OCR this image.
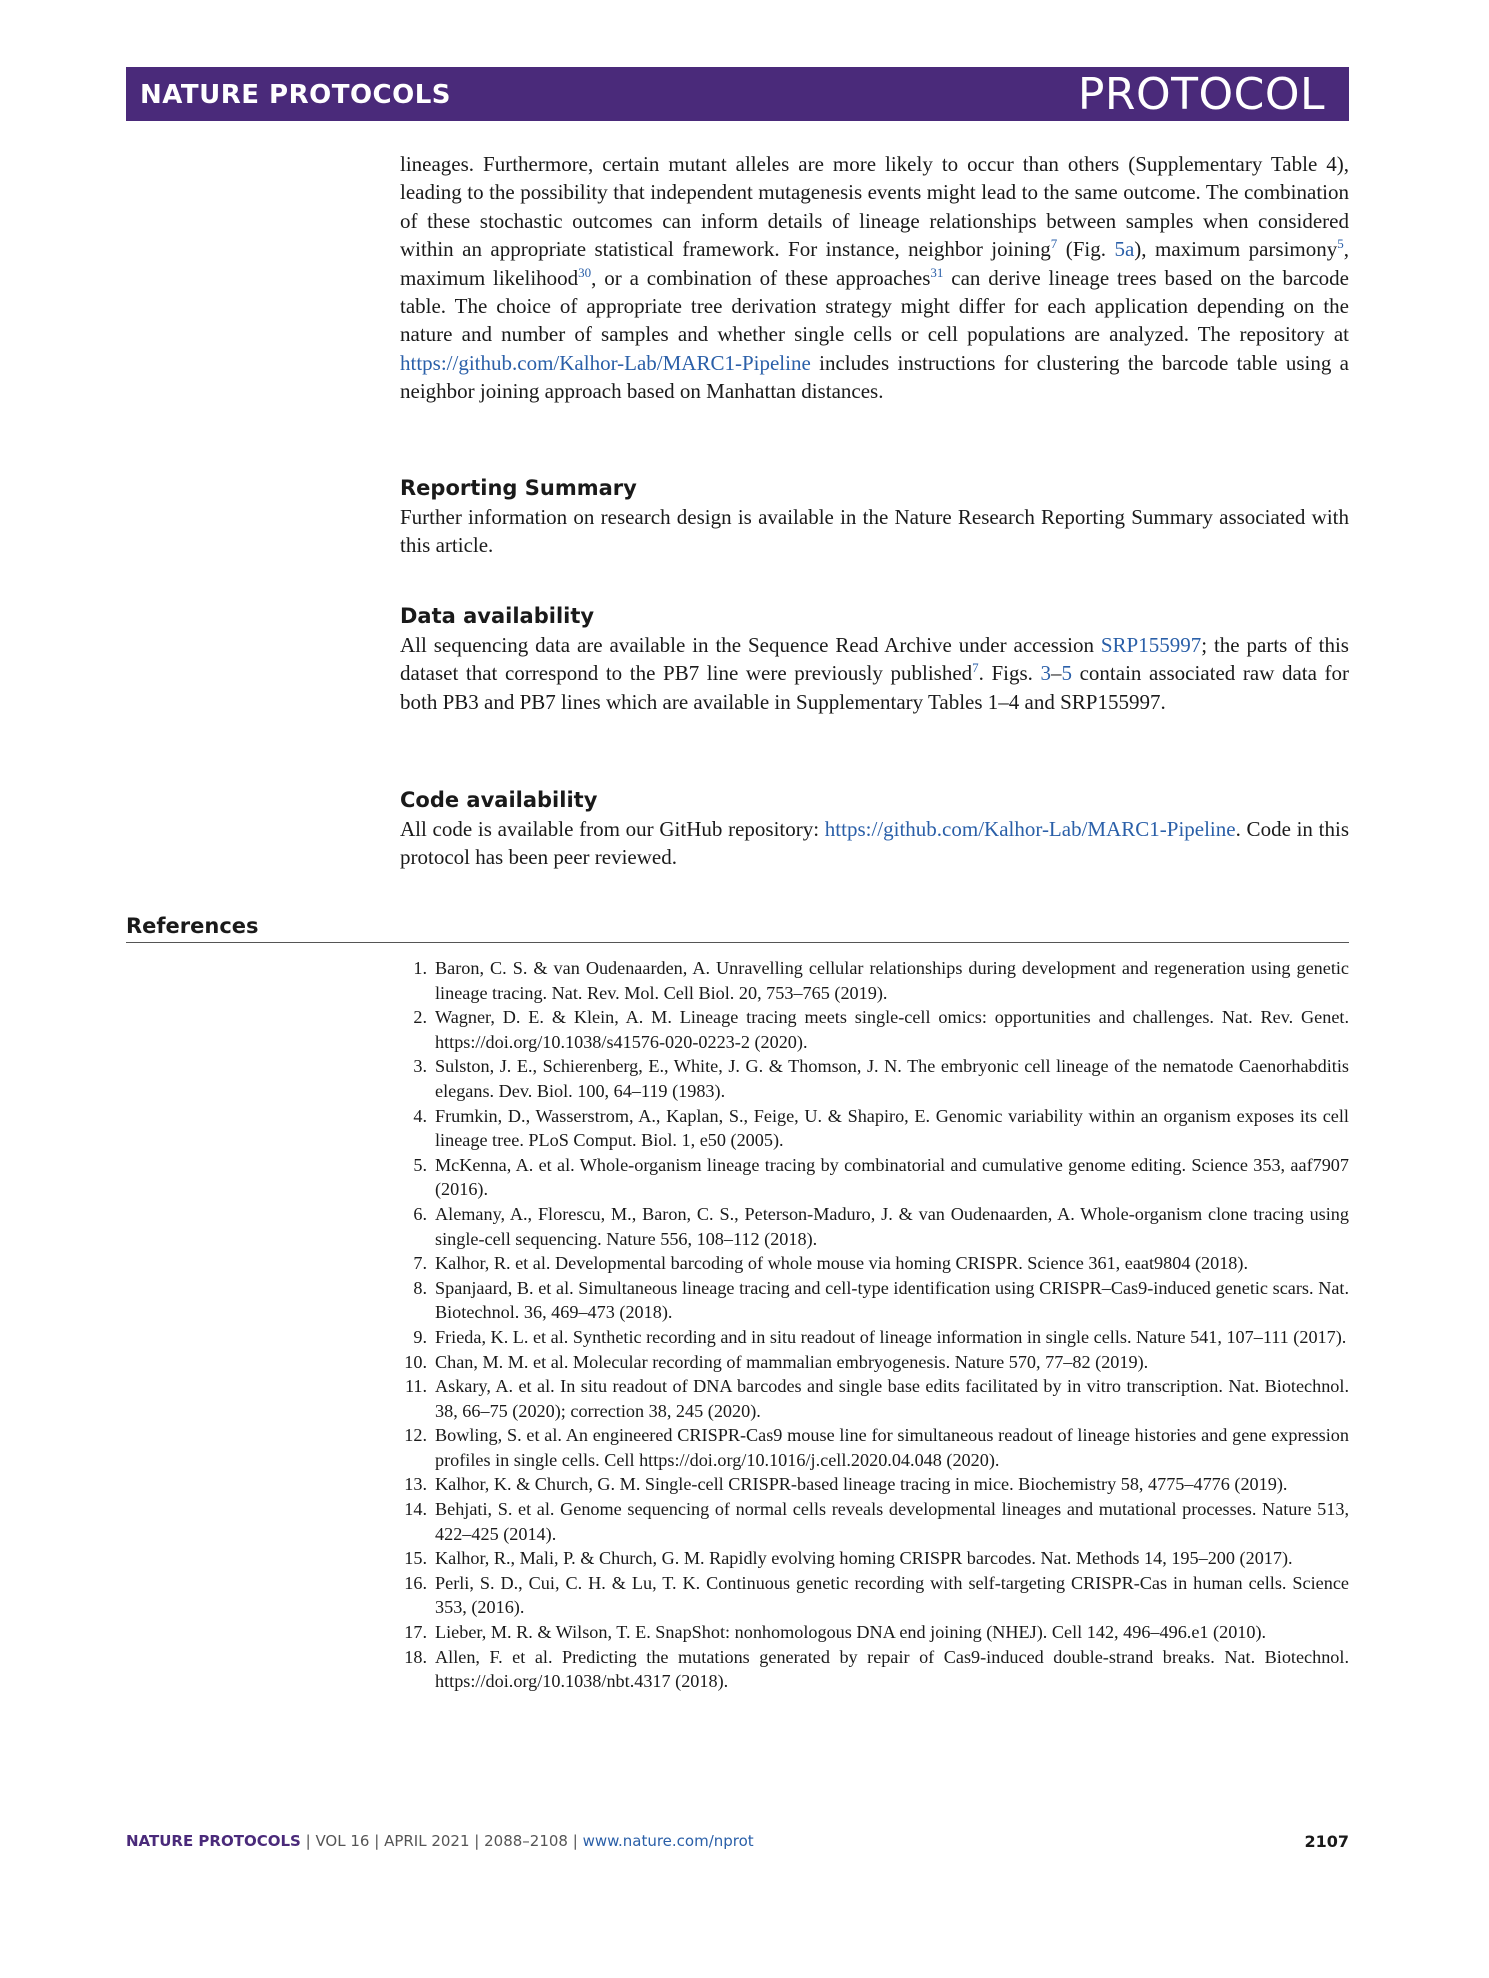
NATURE PROTOCOLS	PROTOCOL

lineages. Furthermore, certain mutant alleles are more likely to occur than others (Supplementary Table 4), leading to the possibility that independent mutagenesis events might lead to the same outcome. The combination of these stochastic outcomes can inform details of lineage relationships between samples when considered within an appropriate statistical framework. For instance, neighbor joining$^7$ (Fig. 5a), maximum parsimony$^5$, maximum likelihood$^{30}$, or a combination of these approaches$^{31}$ can derive lineage trees based on the barcode table. The choice of appropriate tree derivation strategy might differ for each application depending on the nature and number of samples and whether single cells or cell populations are analyzed. The repository at https://github.com/Kalhor-Lab/MARC1-Pipeline includes instructions for clustering the barcode table using a neighbor joining approach based on Manhattan distances.

Reporting Summary

Further information on research design is available in the Nature Research Reporting Summary associated with this article.

Data availability

All sequencing data are available in the Sequence Read Archive under accession SRP155997; the parts of this dataset that correspond to the PB7 line were previously published$^7$. Figs. 3–5 contain associated raw data for both PB3 and PB7 lines which are available in Supplementary Tables 1–4 and SRP155997.

Code availability

All code is available from our GitHub repository: https://github.com/Kalhor-Lab/MARC1-Pipeline. Code in this protocol has been peer reviewed.

References
1. Baron, C. S. & van Oudenaarden, A. Unravelling cellular relationships during development and regeneration using genetic lineage tracing. Nat. Rev. Mol. Cell Biol. 20, 753–765 (2019).
2. Wagner, D. E. & Klein, A. M. Lineage tracing meets single-cell omics: opportunities and challenges. Nat. Rev. Genet. https://doi.org/10.1038/s41576-020-0223-2 (2020).
3. Sulston, J. E., Schierenberg, E., White, J. G. & Thomson, J. N. The embryonic cell lineage of the nematode Caenorhabditis elegans. Dev. Biol. 100, 64–119 (1983).
4. Frumkin, D., Wasserstrom, A., Kaplan, S., Feige, U. & Shapiro, E. Genomic variability within an organism exposes its cell lineage tree. PLoS Comput. Biol. 1, e50 (2005).
5. McKenna, A. et al. Whole-organism lineage tracing by combinatorial and cumulative genome editing. Science 353, aaf7907 (2016).
6. Alemany, A., Florescu, M., Baron, C. S., Peterson-Maduro, J. & van Oudenaarden, A. Whole-organism clone tracing using single-cell sequencing. Nature 556, 108–112 (2018).
7. Kalhor, R. et al. Developmental barcoding of whole mouse via homing CRISPR. Science 361, eaat9804 (2018).
8. Spanjaard, B. et al. Simultaneous lineage tracing and cell-type identification using CRISPR–Cas9-induced genetic scars. Nat. Biotechnol. 36, 469–473 (2018).
9. Frieda, K. L. et al. Synthetic recording and in situ readout of lineage information in single cells. Nature 541, 107–111 (2017).
10. Chan, M. M. et al. Molecular recording of mammalian embryogenesis. Nature 570, 77–82 (2019).
11. Askary, A. et al. In situ readout of DNA barcodes and single base edits facilitated by in vitro transcription. Nat. Biotechnol. 38, 66–75 (2020); correction 38, 245 (2020).
12. Bowling, S. et al. An engineered CRISPR-Cas9 mouse line for simultaneous readout of lineage histories and gene expression profiles in single cells. Cell https://doi.org/10.1016/j.cell.2020.04.048 (2020).
13. Kalhor, K. & Church, G. M. Single-cell CRISPR-based lineage tracing in mice. Biochemistry 58, 4775–4776 (2019).
14. Behjati, S. et al. Genome sequencing of normal cells reveals developmental lineages and mutational processes. Nature 513, 422–425 (2014).
15. Kalhor, R., Mali, P. & Church, G. M. Rapidly evolving homing CRISPR barcodes. Nat. Methods 14, 195–200 (2017).
16. Perli, S. D., Cui, C. H. & Lu, T. K. Continuous genetic recording with self-targeting CRISPR-Cas in human cells. Science 353, (2016).
17. Lieber, M. R. & Wilson, T. E. SnapShot: nonhomologous DNA end joining (NHEJ). Cell 142, 496–496.e1 (2010).
18. Allen, F. et al. Predicting the mutations generated by repair of Cas9-induced double-strand breaks. Nat. Biotechnol. https://doi.org/10.1038/nbt.4317 (2018).
NATURE PROTOCOLS | VOL 16 | APRIL 2021 | 2088–2108 | www.nature.com/nprot	2107
